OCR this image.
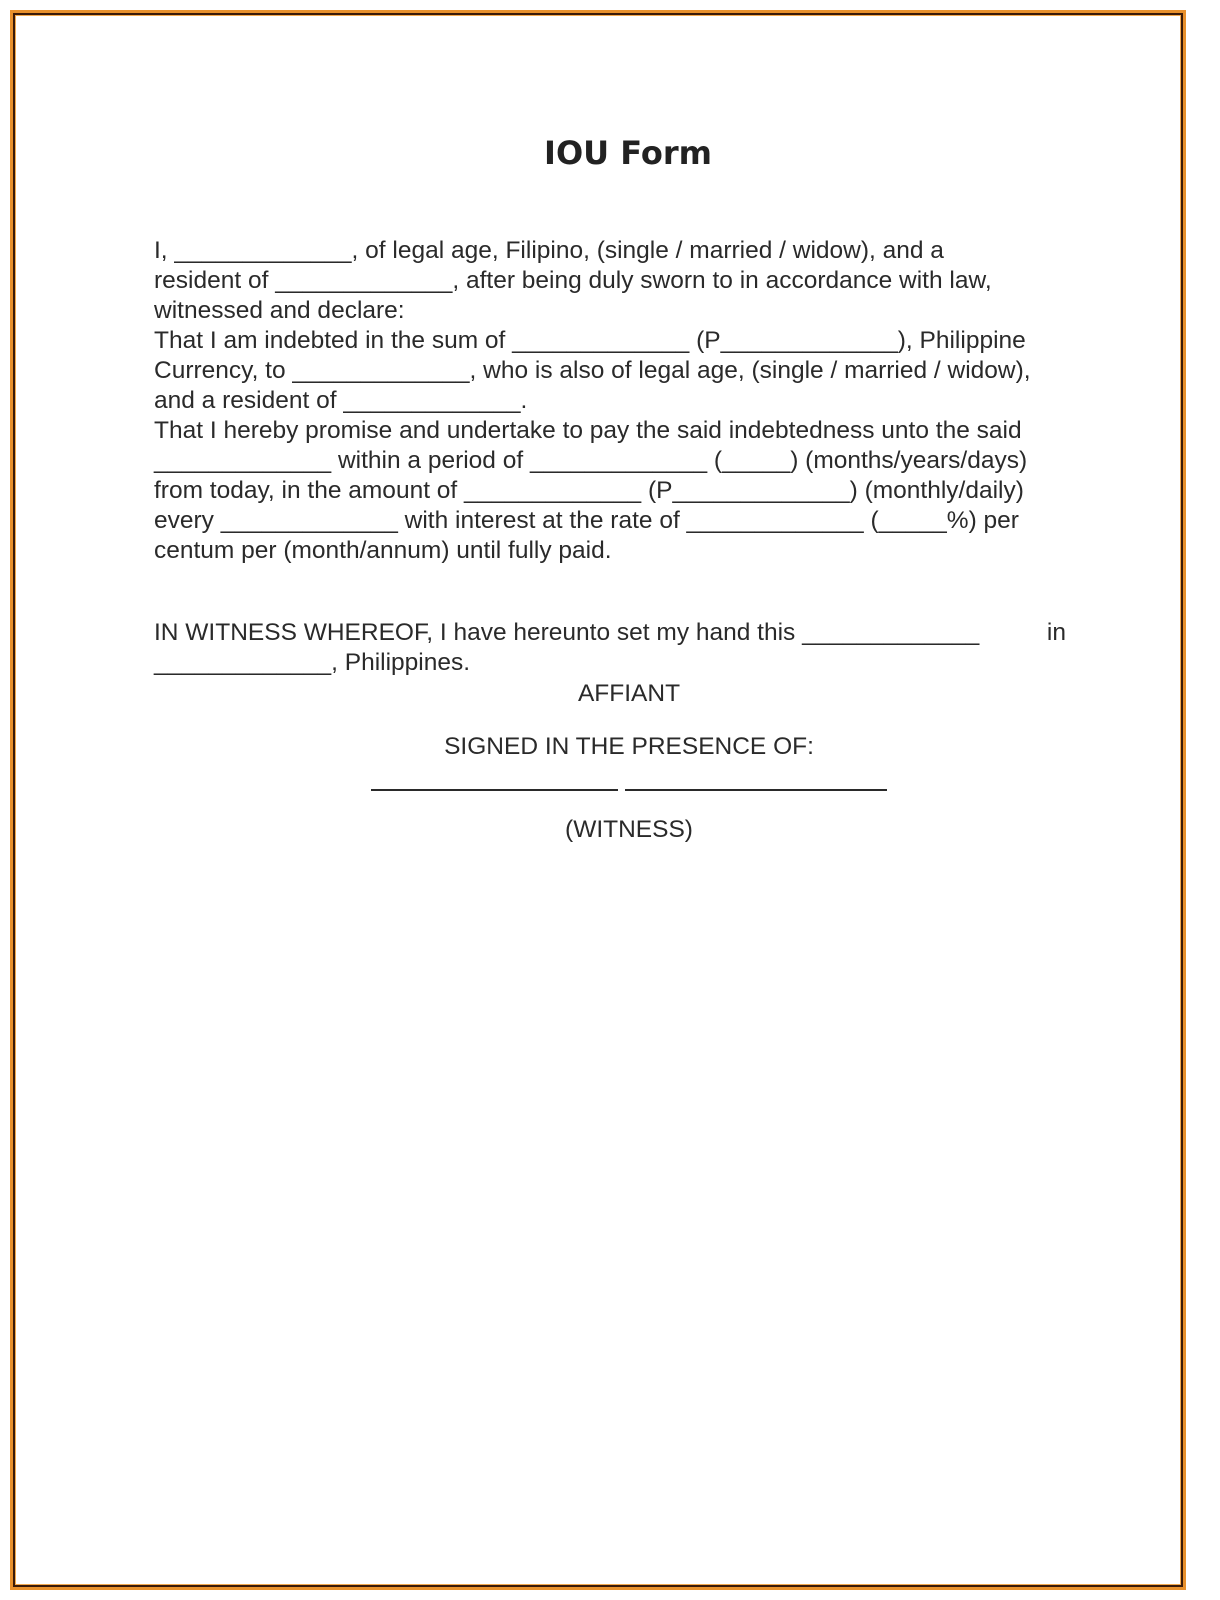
IOU Form
I, _____________, of legal age, Filipino, (single / married / widow), and a
resident of _____________, after being duly sworn to in accordance with law,
witnessed and declare:
That I am indebted in the sum of _____________ (P_____________), Philippine
Currency, to _____________, who is also of legal age, (single / married / widow),
and a resident of _____________.
That I hereby promise and undertake to pay the said indebtedness unto the said
_____________ within a period of _____________ (_____) (months/years/days)
from today, in the amount of _____________ (P_____________) (monthly/daily)
every _____________ with interest at the rate of _____________ (_____%) per
centum per (month/annum) until fully paid.
IN WITNESS WHEREOF, I have hereunto set my hand this _____________	in
_____________, Philippines.
AFFIANT
SIGNED IN THE PRESENCE OF:
(WITNESS)
